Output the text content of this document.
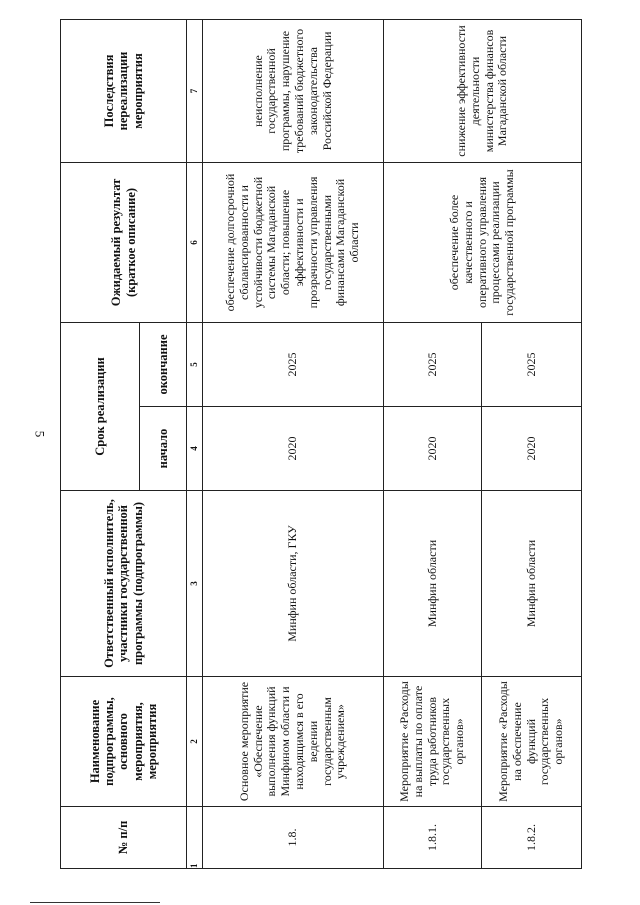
5
№ п/п	Наименование подпрограммы, основного мероприятия, мероприятия	Ответственный исполнитель, участники государственной программы (подпрограммы)	Срок реализации		Ожидаемый результат (краткое описание)	Последствия нереализации мероприятия
			начало	окончание		
1	2	3	4	5	6	7
1.8.	Основное мероприятие «Обеспечение выполнения функций Минфином области и находящимся в его ведении государственным учреждением»	Минфин области, ГКУ	2020	2025	обеспечение долгосрочной сбалансированности и устойчивости бюджетной системы Магаданской области; повышение эффективности и прозрачности управления государственными финансами Магаданской области	неисполнение государственной программы, нарушение требований бюджетного законодательства Российской Федерации
1.8.1.	Мероприятие «Расходы на выплаты по оплате труда работников государственных органов»	Минфин области	2020	2025	обеспечение более качественного и оперативного управления процессами реализации государственной программы	снижение эффективности деятельности министерства финансов Магаданской области
1.8.2.	Мероприятие «Расходы на обеспечение функций государственных органов»	Минфин области	2020	2025		
